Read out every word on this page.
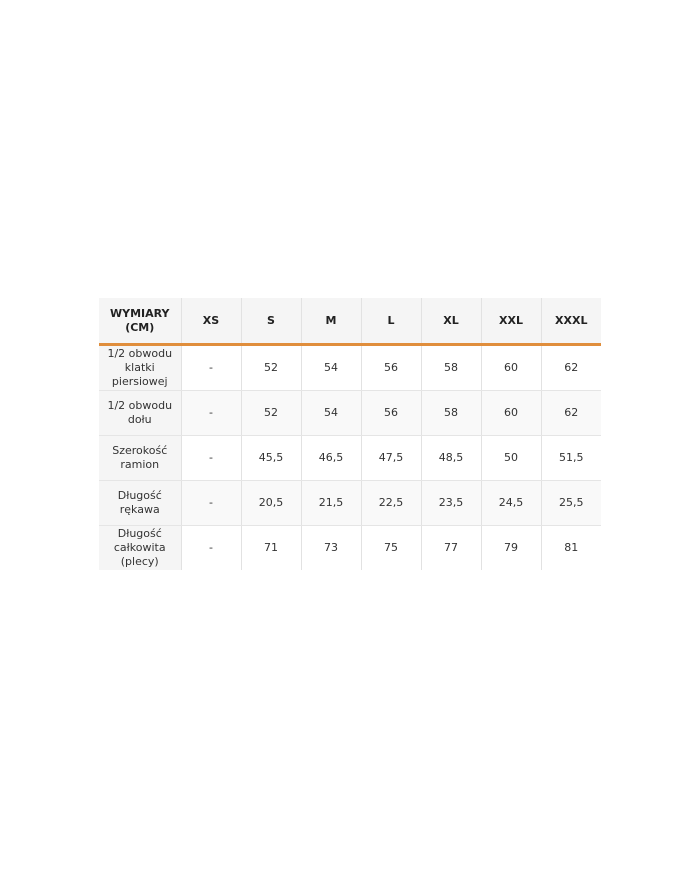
WYMIARY
(CM)	XS	S	M	L	XL	XXL	XXXL
1/2 obwodu
klatki
piersiowej	-	52	54	56	58	60	62
1/2 obwodu
dołu	-	52	54	56	58	60	62
Szerokość
ramion	-	45,5	46,5	47,5	48,5	50	51,5
Długość
rękawa	-	20,5	21,5	22,5	23,5	24,5	25,5
Długość
całkowita
(plecy)	-	71	73	75	77	79	81
